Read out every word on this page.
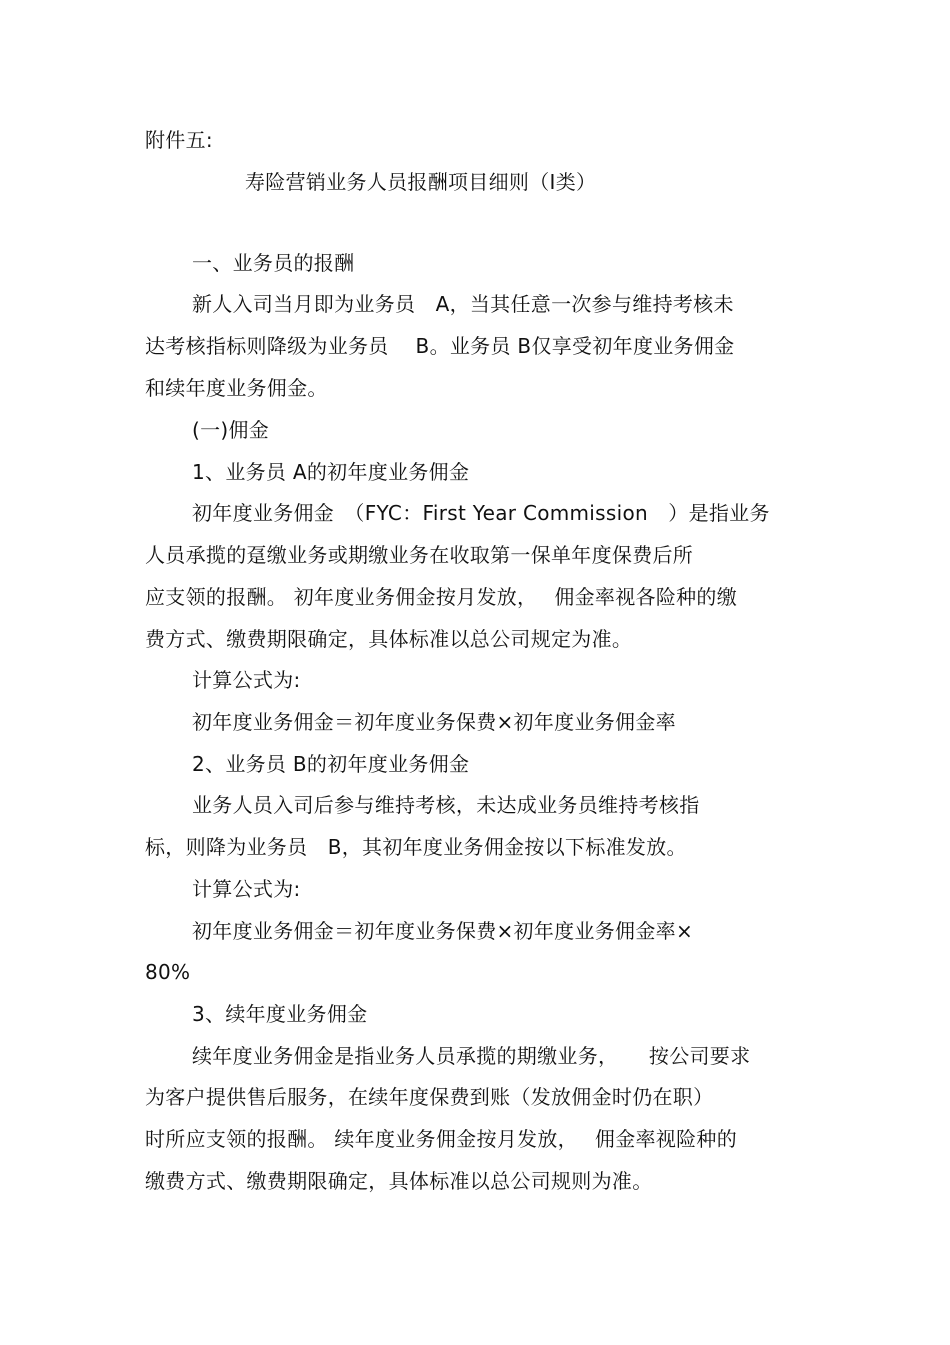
附件五:
寿险营销业务人员报酬项目细则（Ⅰ类）
一、业务员的报酬
新人入司当月即为业务员　A，当其任意一次参与维持考核未
达考核指标则降级为业务员　 B。业务员 B仅享受初年度业务佣金
和续年度业务佣金。
(一)佣金
1、业务员 A的初年度业务佣金
初年度业务佣金　（FYC：First Year Commission　）是指业务
人员承揽的趸缴业务或期缴业务在收取第一保单年度保费后所
应支领的报酬。 初年度业务佣金按月发放，　 佣金率视各险种的缴
费方式、缴费期限确定，具体标准以总公司规定为准。
计算公式为:
初年度业务佣金＝初年度业务保费×初年度业务佣金率
2、业务员 B的初年度业务佣金
业务人员入司后参与维持考核，未达成业务员维持考核指
标，则降为业务员　B，其初年度业务佣金按以下标准发放。
计算公式为:
初年度业务佣金＝初年度业务保费×初年度业务佣金率×
80%
3、续年度业务佣金
续年度业务佣金是指业务人员承揽的期缴业务，　　按公司要求
为客户提供售后服务，在续年度保费到账（发放佣金时仍在职）
时所应支领的报酬。 续年度业务佣金按月发放，　 佣金率视险种的
缴费方式、缴费期限确定，具体标准以总公司规则为准。
